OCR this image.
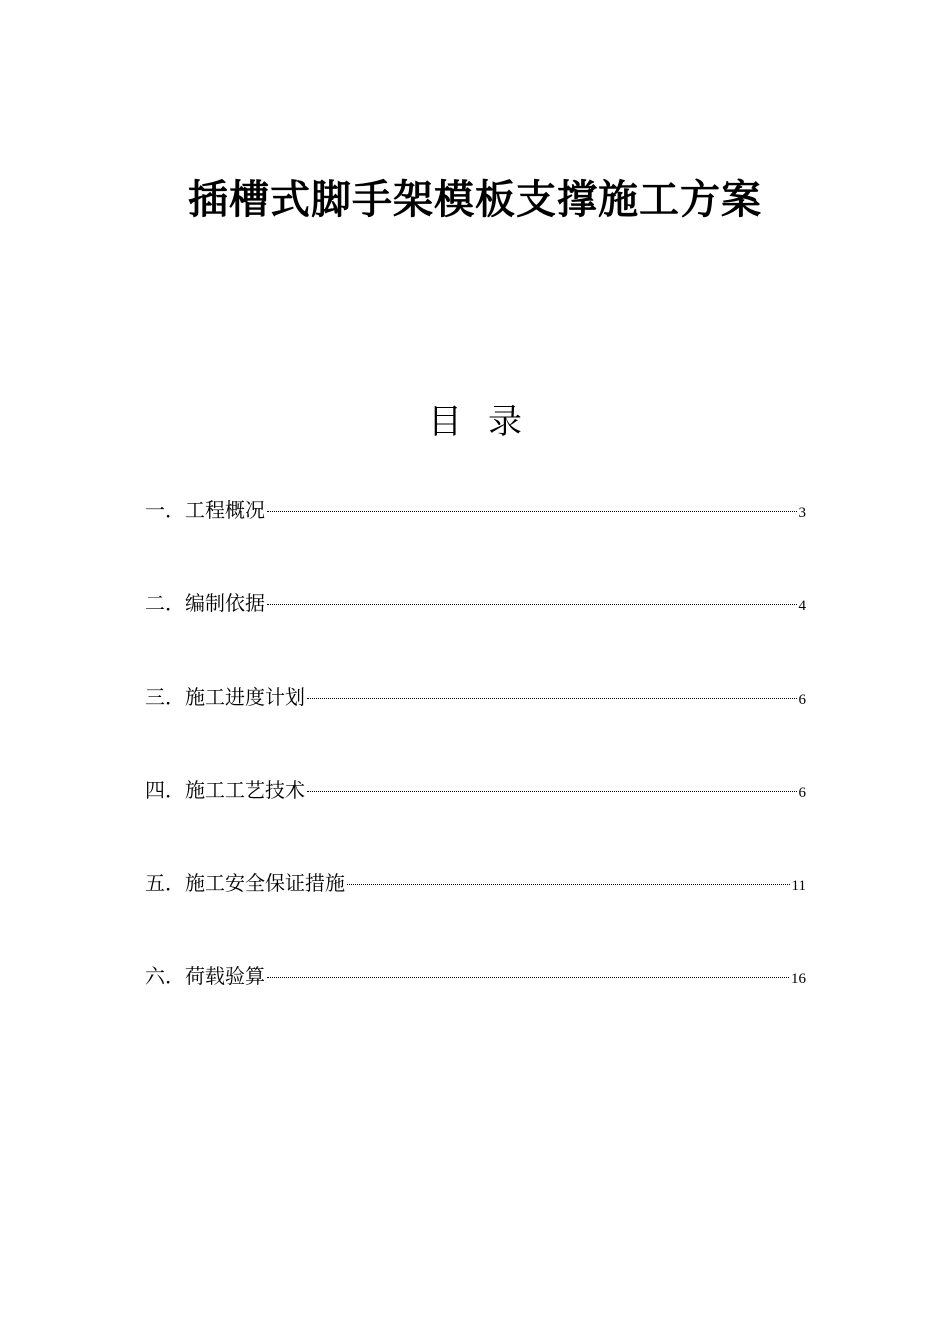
插槽式脚手架模板支撑施工方案
目录
一．工程概况	3
二．编制依据	4
三．施工进度计划	6
四．施工工艺技术	6
五．施工安全保证措施	11
六．荷载验算	16
